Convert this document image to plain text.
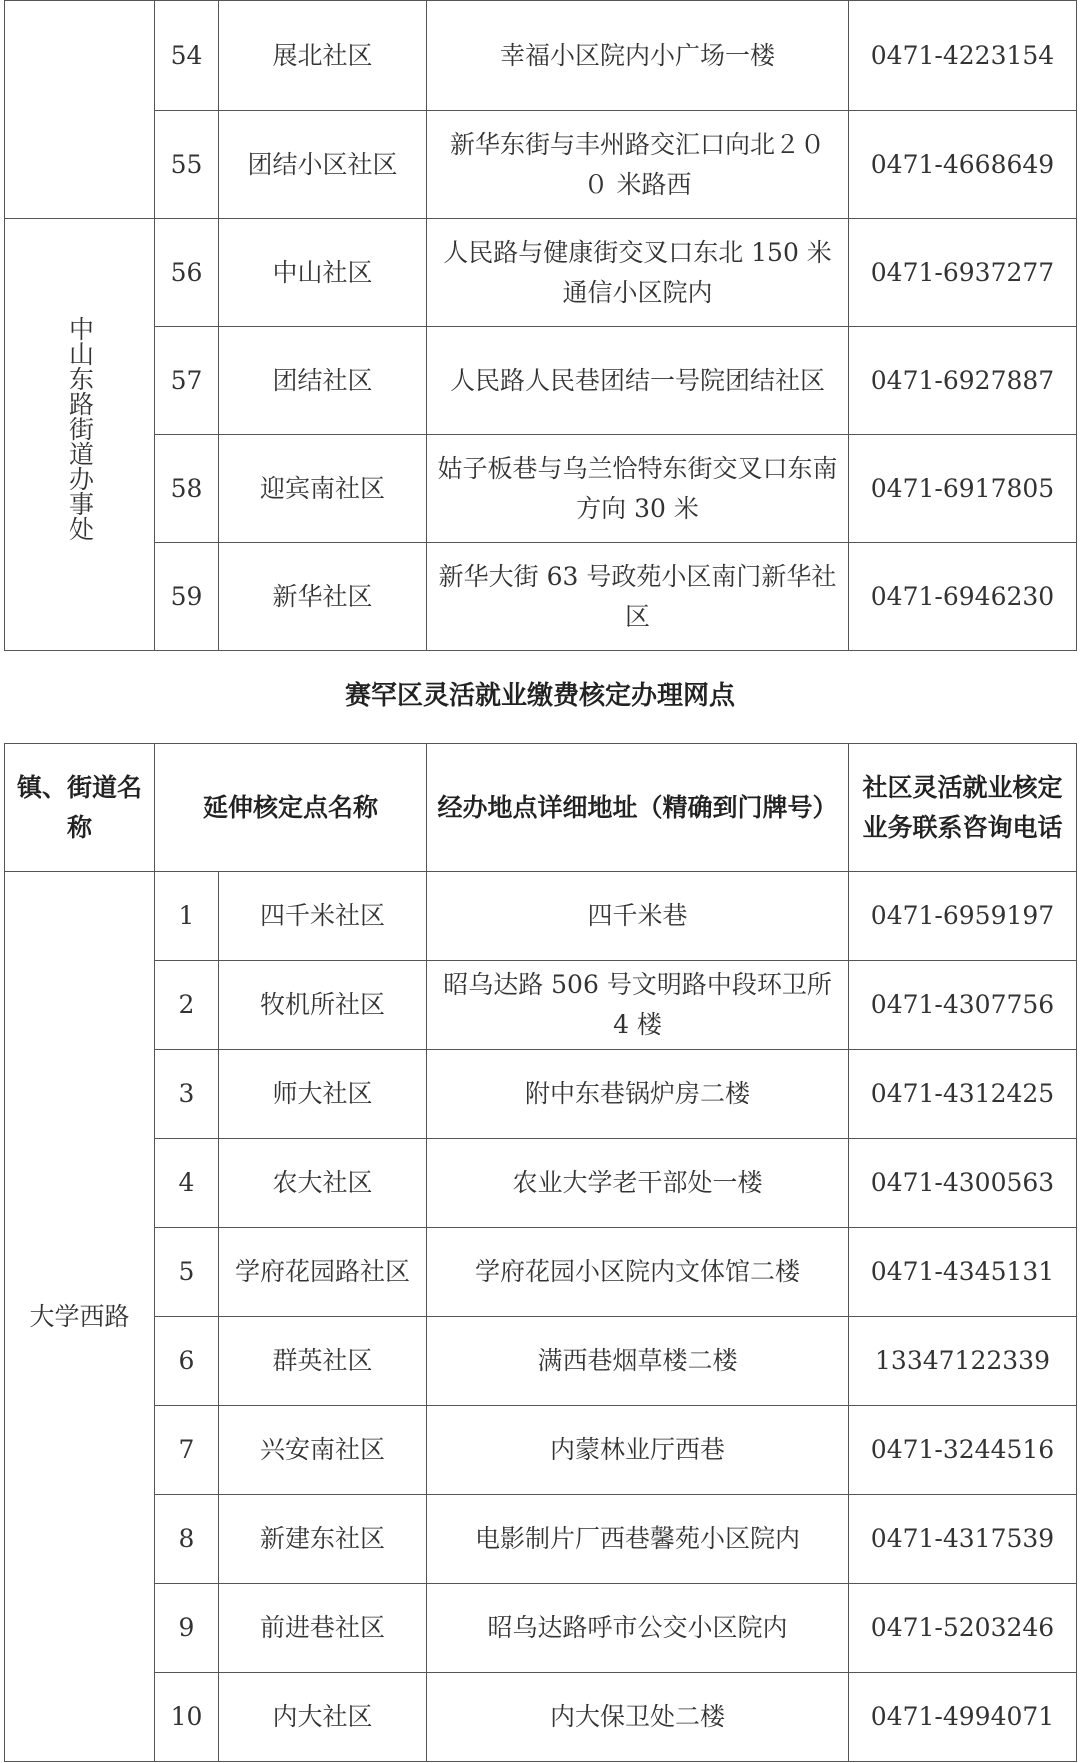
	54	展北社区	幸福小区院内小广场一楼	0471-4223154
	55	团结小区社区	新华东街与丰州路交汇口向北２０ ０ 米路西	0471-4668649
中山东路街道办事处	56	中山社区	人民路与健康街交叉口东北 150 米通信小区院内	0471-6937277
	57	团结社区	人民路人民巷团结一号院团结社区	0471-6927887
	58	迎宾南社区	姑子板巷与乌兰恰特东街交叉口东南方向 30 米	0471-6917805
	59	新华社区	新华大街 63 号政苑小区南门新华社区	0471-6946230
赛罕区灵活就业缴费核定办理网点
镇、街道名称	延伸核定点名称		经办地点详细地址（精确到门牌号）	社区灵活就业核定业务联系咨询电话
大学西路	1	四千米社区	四千米巷	0471-6959197
	2	牧机所社区	昭乌达路 506 号文明路中段环卫所 4 楼	0471-4307756
	3	师大社区	附中东巷锅炉房二楼	0471-4312425
	4	农大社区	农业大学老干部处一楼	0471-4300563
	5	学府花园路社区	学府花园小区院内文体馆二楼	0471-4345131
	6	群英社区	满西巷烟草楼二楼	13347122339
	7	兴安南社区	内蒙林业厅西巷	0471-3244516
	8	新建东社区	电影制片厂西巷馨苑小区院内	0471-4317539
	9	前进巷社区	昭乌达路呼市公交小区院内	0471-5203246
	10	内大社区	内大保卫处二楼	0471-4994071
